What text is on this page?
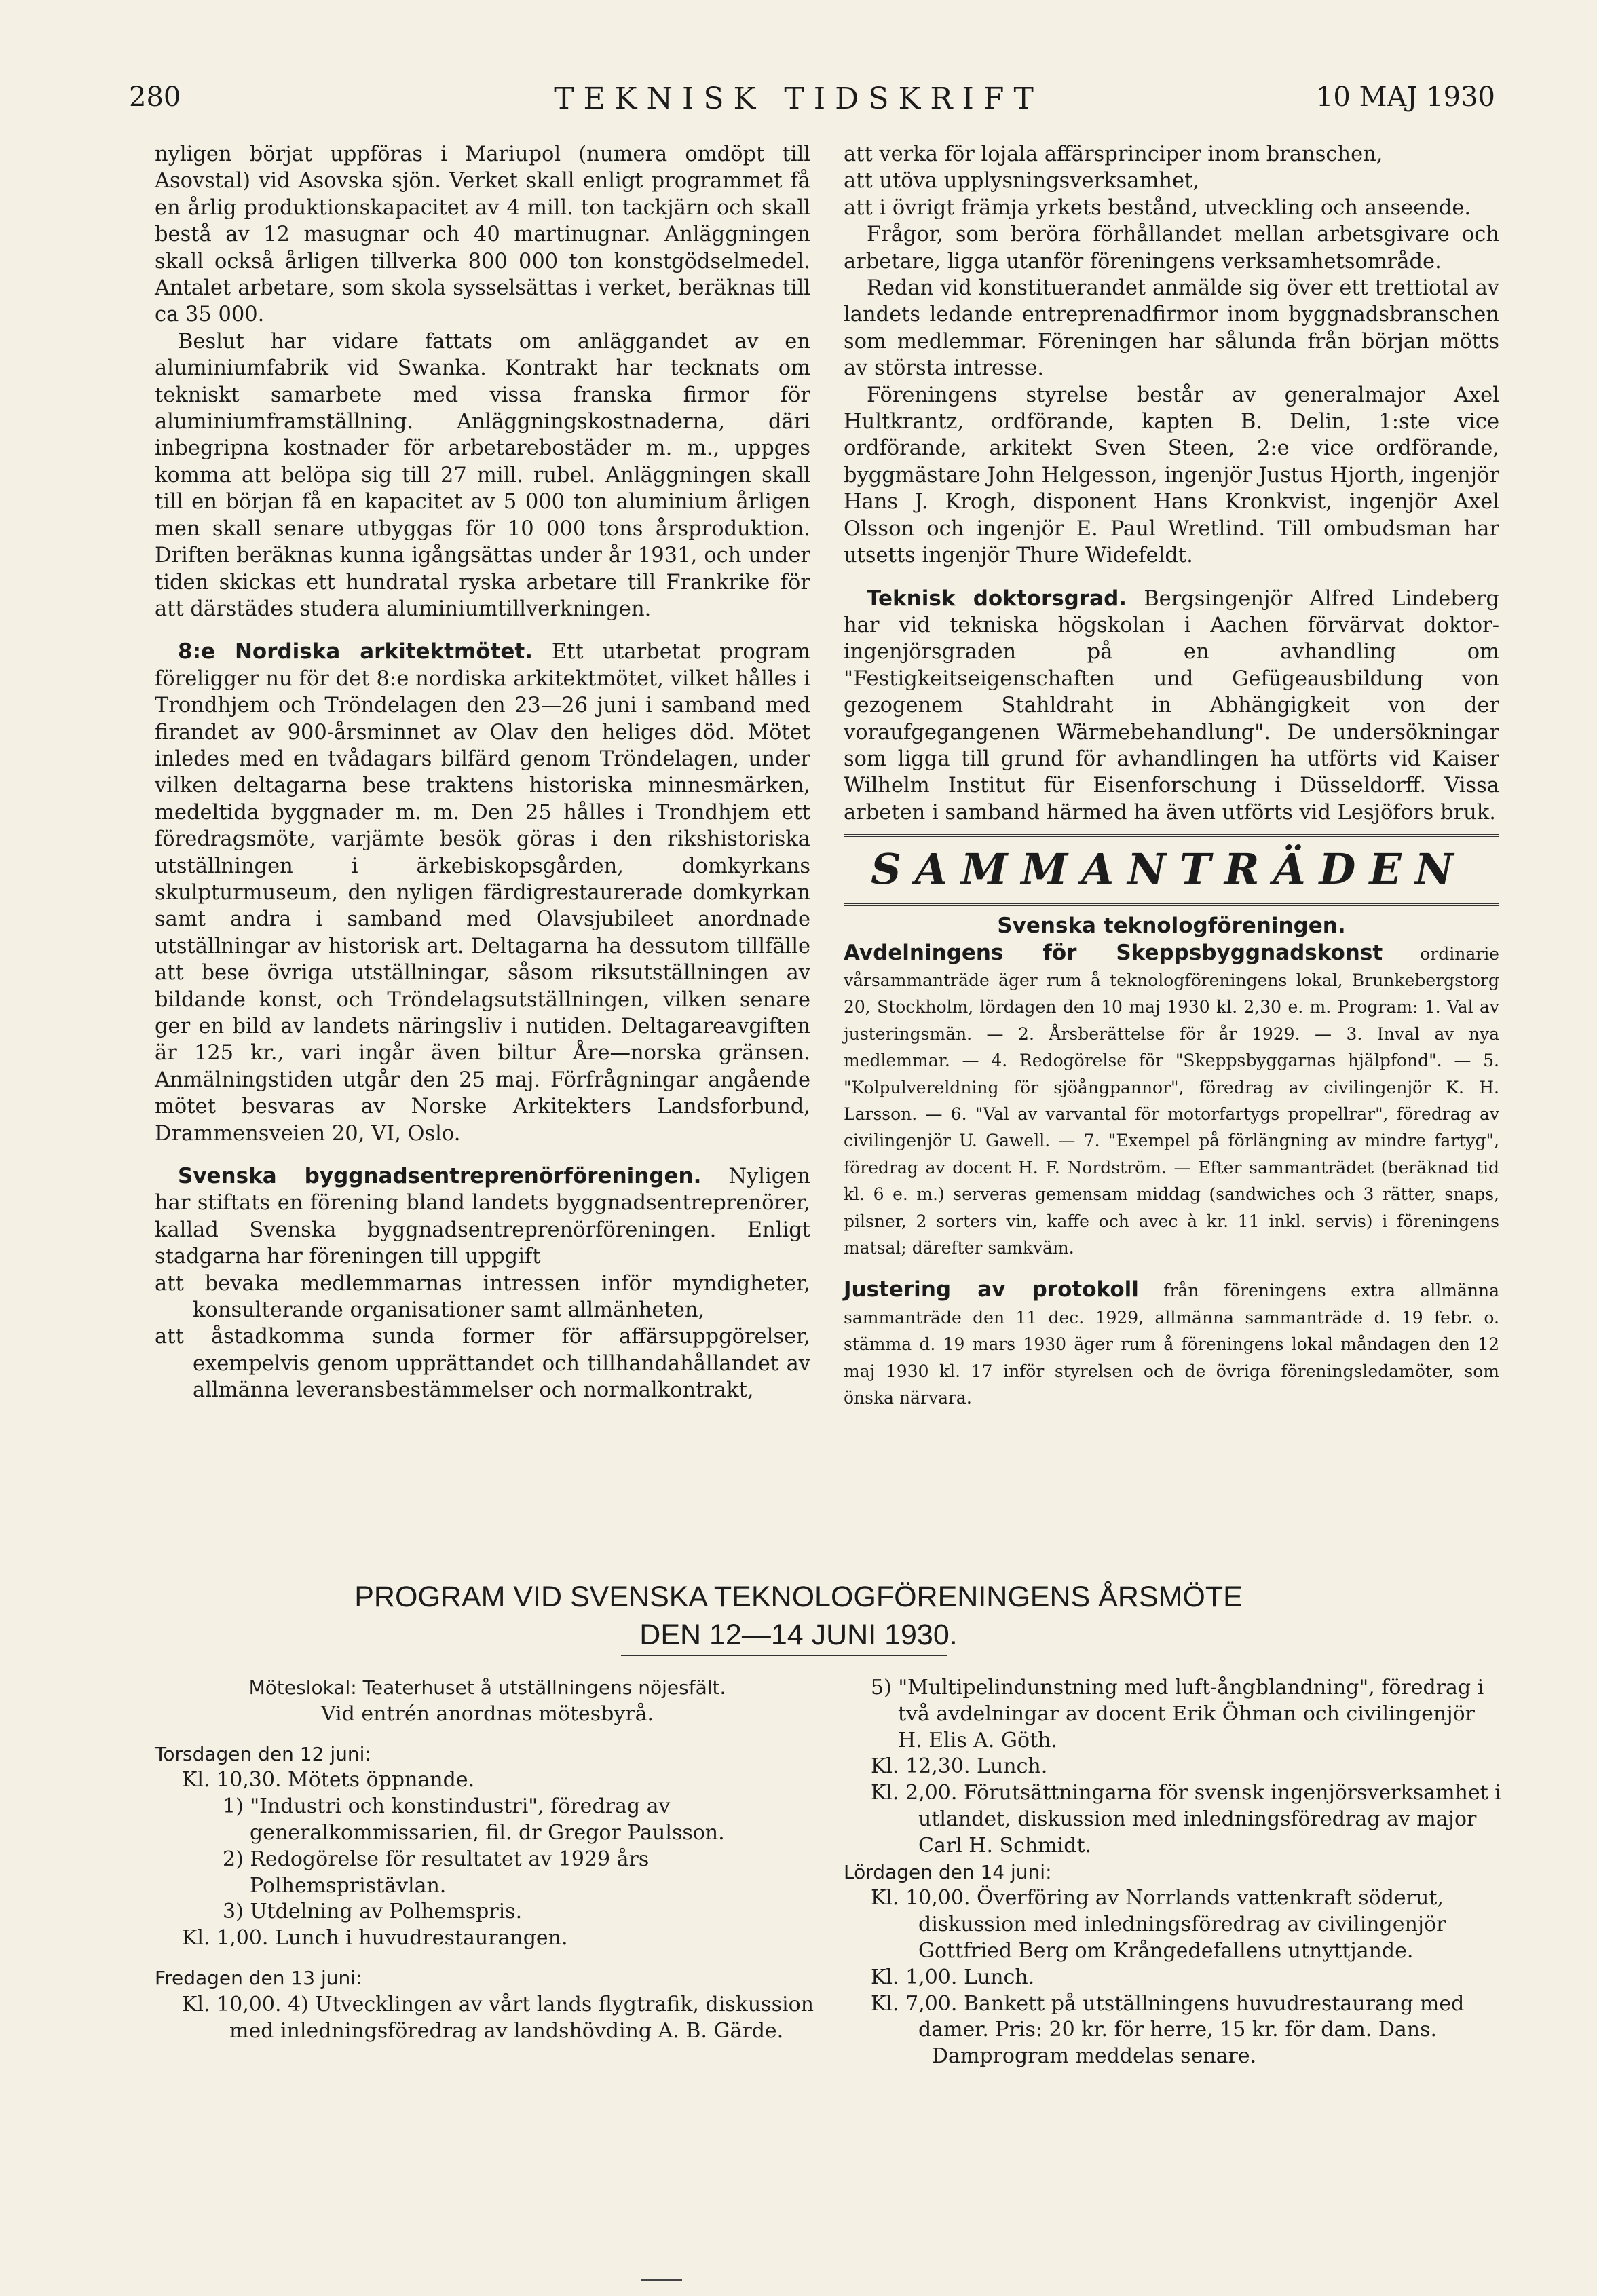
TEKNISK TIDSKRIFT
280	10 MAJ 1930

nyligen börjat uppföras i Mariupol (numera omdöpt till Asovstal) vid Asovska sjön. Verket skall enligt programmet få en årlig produktionskapacitet av 4 mill. ton tackjärn och skall bestå av 12 masugnar och 40 martinugnar. Anläggningen skall också årligen tillverka 800 000 ton konstgödselmedel. Antalet arbetare, som skola sysselsättas i verket, beräknas till ca 35 000.

Beslut har vidare fattats om anläggandet av en aluminiumfabrik vid Swanka. Kontrakt har tecknats om tekniskt samarbete med vissa franska firmor för aluminiumframställning. Anläggningskostnaderna, däri inbegripna kostnader för arbetarebostäder m. m., uppges komma att belöpa sig till 27 mill. rubel. Anläggningen skall till en början få en kapacitet av 5 000 ton aluminium årligen men skall senare utbyggas för 10 000 tons årsproduktion. Driften beräknas kunna igångsättas under år 1931, och under tiden skickas ett hundratal ryska arbetare till Frankrike för att därstädes studera aluminiumtillverkningen.

8:e Nordiska arkitektmötet. Ett utarbetat program föreligger nu för det 8:e nordiska arkitektmötet, vilket hålles i Trondhjem och Tröndelagen den 23—26 juni i samband med firandet av 900-årsminnet av Olav den heliges död. Mötet inledes med en tvådagars bilfärd genom Tröndelagen, under vilken deltagarna bese traktens historiska minnesmärken, medeltida byggnader m. m. Den 25 hålles i Trondhjem ett föredragsmöte, varjämte besök göras i den rikshistoriska utställningen i ärkebiskopsgården, domkyrkans skulpturmuseum, den nyligen färdigrestaurerade domkyrkan samt andra i samband med Olavsjubileet anordnade utställningar av historisk art. Deltagarna ha dessutom tillfälle att bese övriga utställningar, såsom riksutställningen av bildande konst, och Tröndelagsutställningen, vilken senare ger en bild av landets näringsliv i nutiden. Deltagareavgiften är 125 kr., vari ingår även biltur Åre—norska gränsen. Anmälningstiden utgår den 25 maj. Förfrågningar angående mötet besvaras av Norske Arkitekters Landsforbund, Drammensveien 20, VI, Oslo.

Svenska byggnadsentreprenörföreningen. Nyligen har stiftats en förening bland landets byggnadsentreprenörer, kallad Svenska byggnadsentreprenörföreningen. Enligt stadgarna har föreningen till uppgift

att bevaka medlemmarnas intressen inför myndigheter, konsulterande organisationer samt allmänheten,
att åstadkomma sunda former för affärsuppgörelser, exempelvis genom upprättandet och tillhandahållandet av allmänna leveransbestämmelser och normalkontrakt,
att verka för lojala affärsprinciper inom branschen,
att utöva upplysningsverksamhet,
att i övrigt främja yrkets bestånd, utveckling och anseende.

Frågor, som beröra förhållandet mellan arbetsgivare och arbetare, ligga utanför föreningens verksamhetsområde.

Redan vid konstituerandet anmälde sig över ett trettiotal av landets ledande entreprenadfirmor inom byggnadsbranschen som medlemmar. Föreningen har sålunda från början mötts av största intresse.

Föreningens styrelse består av generalmajor Axel Hultkrantz, ordförande, kapten B. Delin, 1:ste vice ordförande, arkitekt Sven Steen, 2:e vice ordförande, byggmästare John Helgesson, ingenjör Justus Hjorth, ingenjör Hans J. Krogh, disponent Hans Kronkvist, ingenjör Axel Olsson och ingenjör E. Paul Wretlind. Till ombudsman har utsetts ingenjör Thure Widefeldt.

Teknisk doktorsgrad. Bergsingenjör Alfred Lindeberg har vid tekniska högskolan i Aachen förvärvat doktor-ingenjörsgraden på en avhandling om "Festigkeitseigenschaften und Gefügeausbildung von gezogenem Stahldraht in Abhängigkeit von der voraufgegangenen Wärmebehandlung". De undersökningar som ligga till grund för avhandlingen ha utförts vid Kaiser Wilhelm Institut für Eisenforschung i Düsseldorff. Vissa arbeten i samband härmed ha även utförts vid Lesjöfors bruk.

SAMMANTRÄDEN
Svenska teknologföreningen.

Avdelningens för Skeppsbyggnadskonst ordinarie vårsammanträde äger rum å teknologföreningens lokal, Brunkebergstorg 20, Stockholm, lördagen den 10 maj 1930 kl. 2,30 e. m. Program: 1. Val av justeringsmän. — 2. Årsberättelse för år 1929. — 3. Inval av nya medlemmar. — 4. Redogörelse för "Skeppsbyggarnas hjälpfond". — 5. "Kolpulvereldning för sjöångpannor", föredrag av civilingenjör K. H. Larsson. — 6. "Val av varvantal för motorfartygs propellrar", föredrag av civilingenjör U. Gawell. — 7. "Exempel på förlängning av mindre fartyg", föredrag av docent H. F. Nordström. — Efter sammanträdet (beräknad tid kl. 6 e. m.) serveras gemensam middag (sandwiches och 3 rätter, snaps, pilsner, 2 sorters vin, kaffe och avec à kr. 11 inkl. servis) i föreningens matsal; därefter samkväm.

Justering av protokoll från föreningens extra allmänna sammanträde den 11 dec. 1929, allmänna sammanträde d. 19 febr. o. stämma d. 19 mars 1930 äger rum å föreningens lokal måndagen den 12 maj 1930 kl. 17 inför styrelsen och de övriga föreningsledamöter, som önska närvara.

PROGRAM VID SVENSKA TEKNOLOGFÖRENINGENS ÅRSMÖTE
DEN 12—14 JUNI 1930.

Möteslokal: Teaterhuset å utställningens nöjesfält.

Vid entrén anordnas mötesbyrå.

Torsdagen den 12 juni:

Kl. 10,30. Mötets öppnande.

1) "Industri och konstindustri", föredrag av generalkommissarien, fil. dr Gregor Paulsson.

2) Redogörelse för resultatet av 1929 års Polhemspristävlan.

3) Utdelning av Polhemspris.

Kl. 1,00. Lunch i huvudrestaurangen.

Fredagen den 13 juni:

Kl. 10,00. 4) Utvecklingen av vårt lands flygtrafik, diskussion med inledningsföredrag av landshövding A. B. Gärde.

5) "Multipelindunstning med luft-ångblandning", föredrag i två avdelningar av docent Erik Öhman och civilingenjör H. Elis A. Göth.

Kl. 12,30. Lunch.

Kl. 2,00. Förutsättningarna för svensk ingenjörsverksamhet i utlandet, diskussion med inledningsföredrag av major Carl H. Schmidt.

Lördagen den 14 juni:

Kl. 10,00. Överföring av Norrlands vattenkraft söderut, diskussion med inledningsföredrag av civilingenjör Gottfried Berg om Krångedefallens utnyttjande.

Kl. 1,00. Lunch.

Kl. 7,00. Bankett på utställningens huvudrestaurang med damer. Pris: 20 kr. för herre, 15 kr. för dam. Dans.

Damprogram meddelas senare.
